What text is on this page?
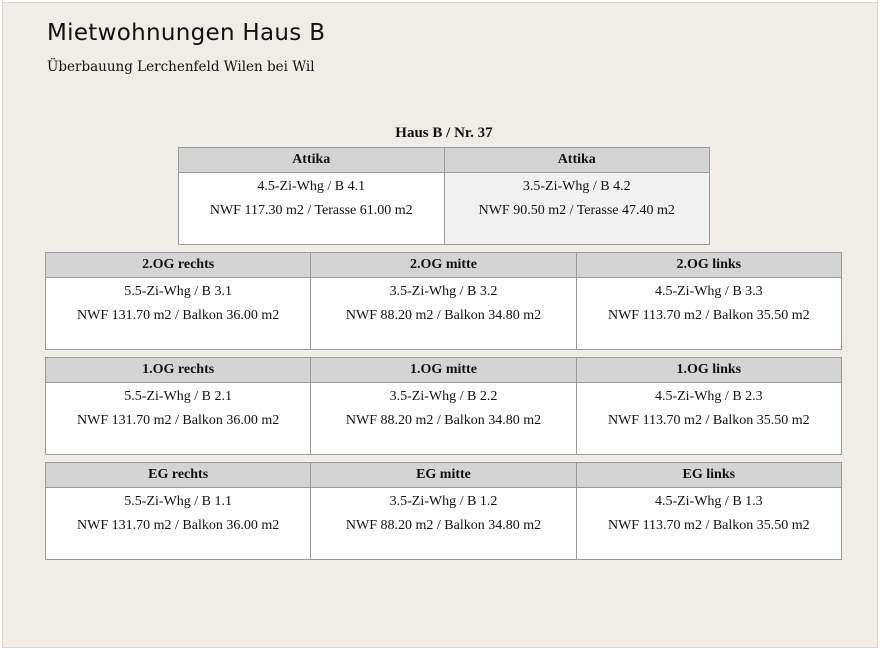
Mietwohnungen Haus B
Überbauung Lerchenfeld Wilen bei Wil
Haus B / Nr. 37
Attika
4.5-Zi-Whg / B 4.1
NWF 117.30 m2 / Terasse 61.00 m2
Attika
3.5-Zi-Whg / B 4.2
NWF 90.50 m2 / Terasse 47.40 m2
2.OG rechts
5.5-Zi-Whg / B 3.1
NWF 131.70 m2 / Balkon 36.00 m2
2.OG mitte
3.5-Zi-Whg / B 3.2
NWF 88.20 m2 / Balkon 34.80 m2
2.OG links
4.5-Zi-Whg / B 3.3
NWF 113.70 m2 / Balkon 35.50 m2
1.OG rechts
5.5-Zi-Whg / B 2.1
NWF 131.70 m2 / Balkon 36.00 m2
1.OG mitte
3.5-Zi-Whg / B 2.2
NWF 88.20 m2 / Balkon 34.80 m2
1.OG links
4.5-Zi-Whg / B 2.3
NWF 113.70 m2 / Balkon 35.50 m2
EG rechts
5.5-Zi-Whg / B 1.1
NWF 131.70 m2 / Balkon 36.00 m2
EG mitte
3.5-Zi-Whg / B 1.2
NWF 88.20 m2 / Balkon 34.80 m2
EG links
4.5-Zi-Whg / B 1.3
NWF 113.70 m2 / Balkon 35.50 m2
